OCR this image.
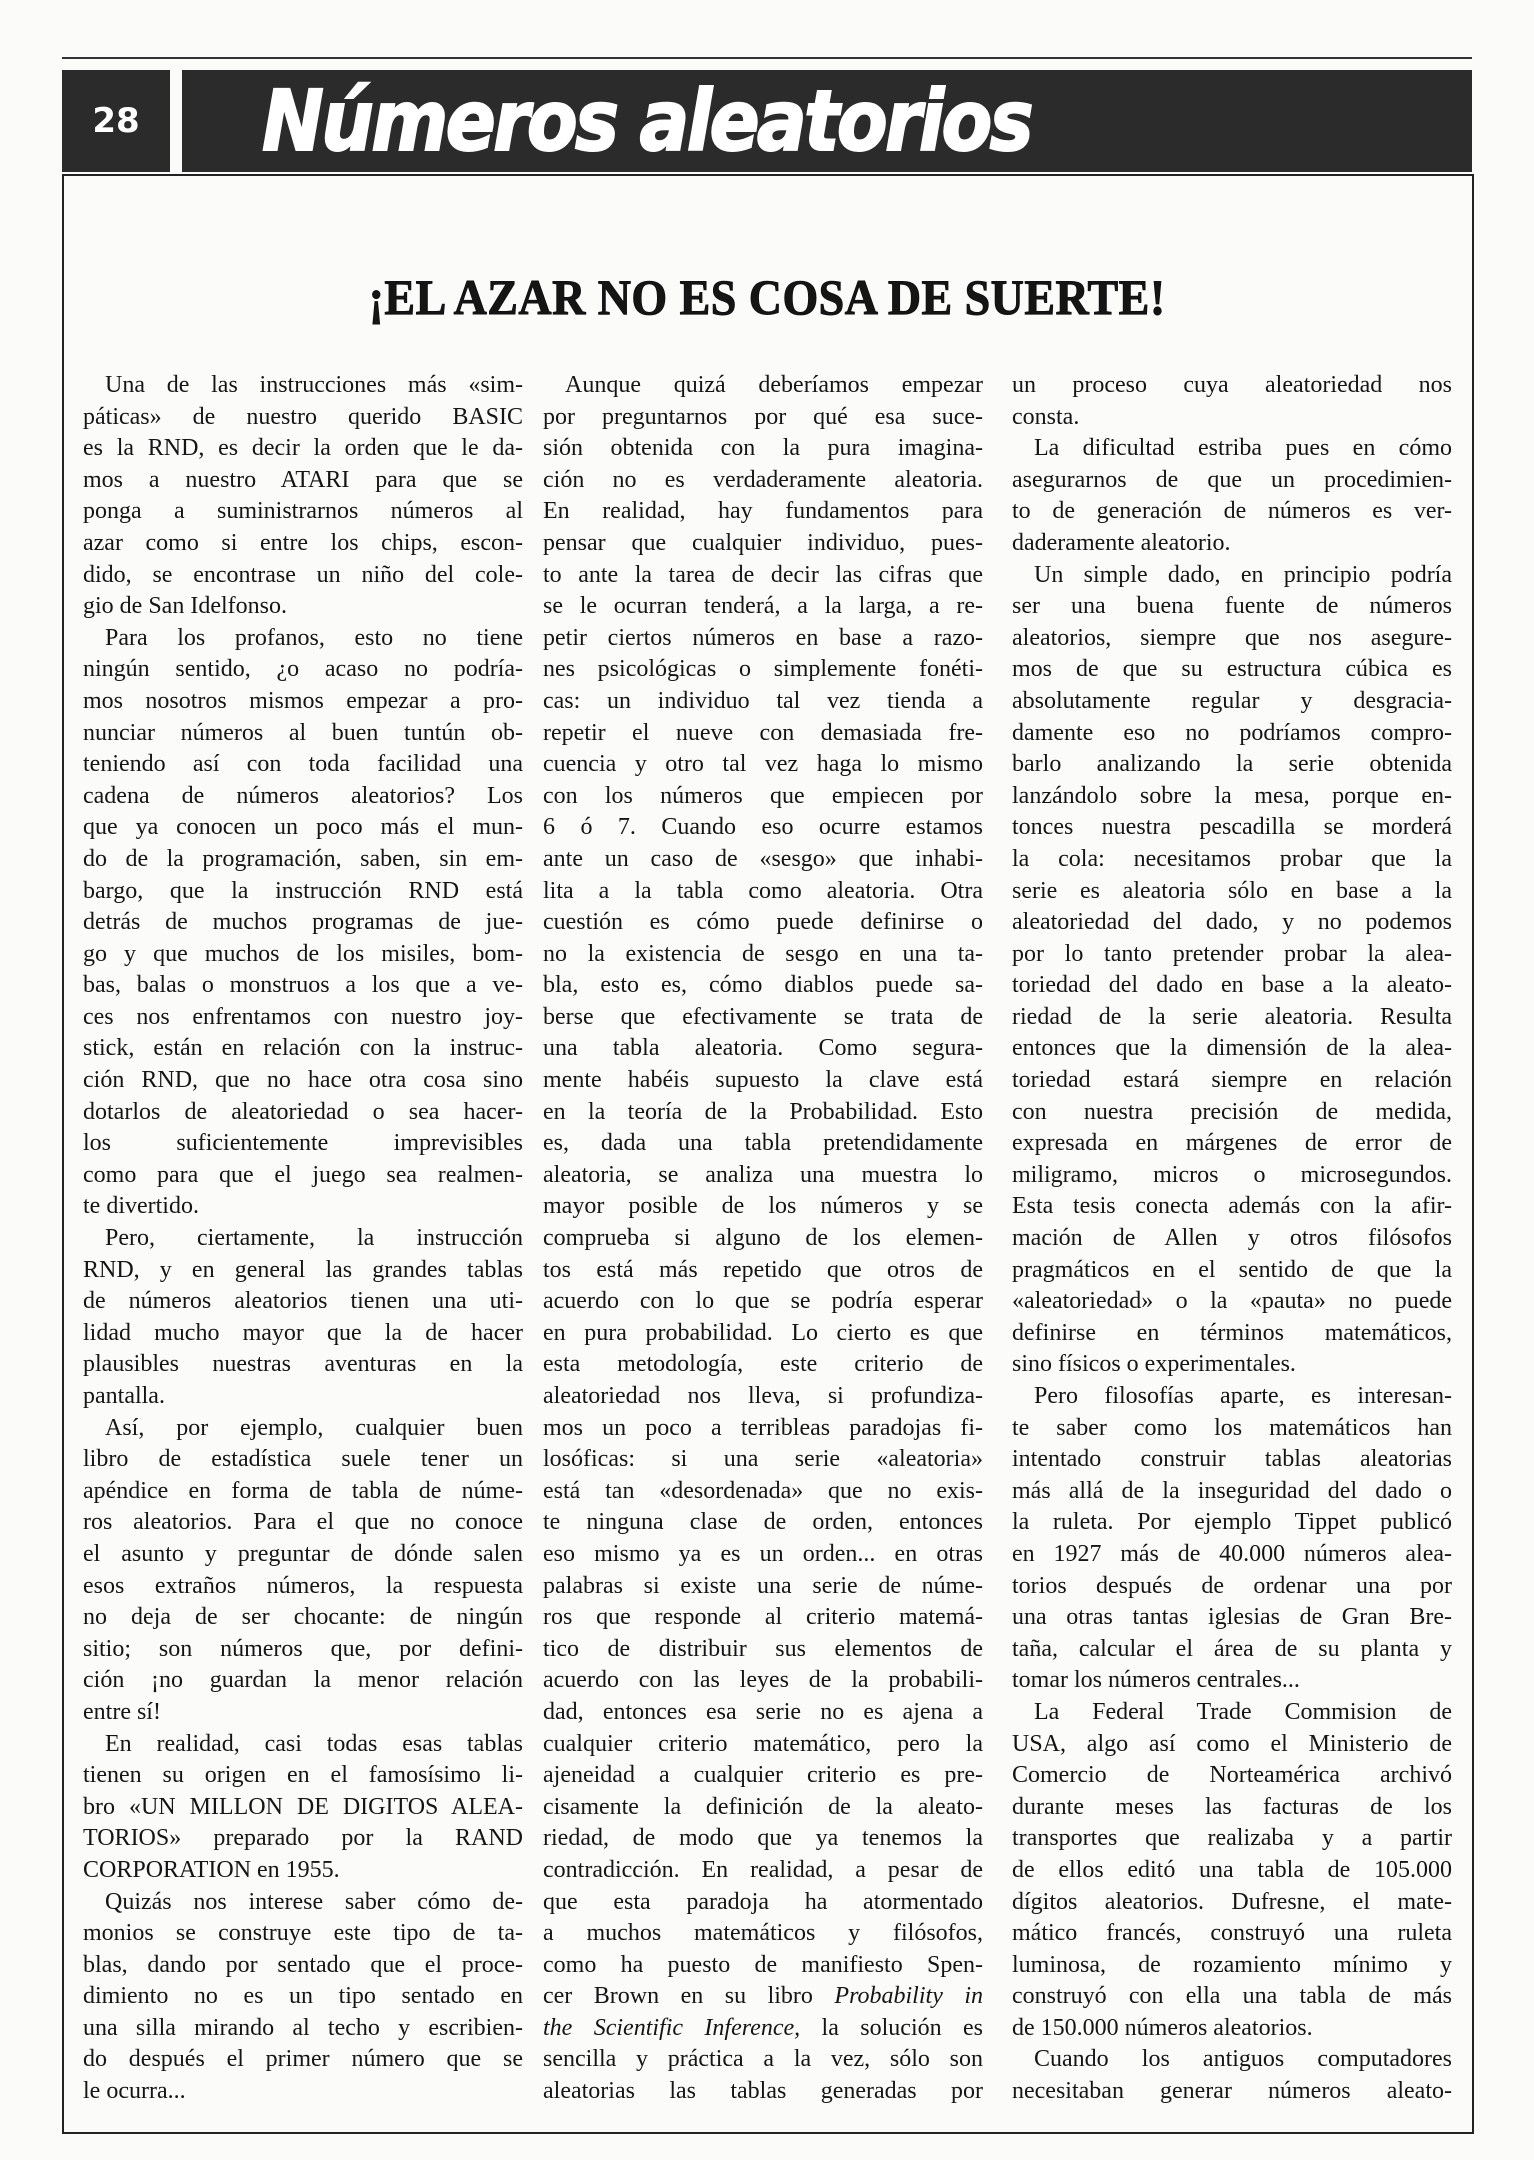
28 Números aleatorios
¡EL AZAR NO ES COSA DE SUERTE!
Una de las instrucciones más «sim-
páticas» de nuestro querido BASIC
es la RND, es decir la orden que le da-
mos a nuestro ATARI para que se
ponga a suministrarnos números al
azar como si entre los chips, escon-
dido, se encontrase un niño del cole-
gio de San Idelfonso.
Para los profanos, esto no tiene
ningún sentido, ¿o acaso no podría-
mos nosotros mismos empezar a pro-
nunciar números al buen tuntún ob-
teniendo así con toda facilidad una
cadena de números aleatorios? Los
que ya conocen un poco más el mun-
do de la programación, saben, sin em-
bargo, que la instrucción RND está
detrás de muchos programas de jue-
go y que muchos de los misiles, bom-
bas, balas o monstruos a los que a ve-
ces nos enfrentamos con nuestro joy-
stick, están en relación con la instruc-
ción RND, que no hace otra cosa sino
dotarlos de aleatoriedad o sea hacer-
los suficientemente imprevisibles
como para que el juego sea realmen-
te divertido.
Pero, ciertamente, la instrucción
RND, y en general las grandes tablas
de números aleatorios tienen una uti-
lidad mucho mayor que la de hacer
plausibles nuestras aventuras en la
pantalla.
Así, por ejemplo, cualquier buen
libro de estadística suele tener un
apéndice en forma de tabla de núme-
ros aleatorios. Para el que no conoce
el asunto y preguntar de dónde salen
esos extraños números, la respuesta
no deja de ser chocante: de ningún
sitio; son números que, por defini-
ción ¡no guardan la menor relación
entre sí!
En realidad, casi todas esas tablas
tienen su origen en el famosísimo li-
bro «UN MILLON DE DIGITOS ALEA-
TORIOS» preparado por la RAND
CORPORATION en 1955.
Quizás nos interese saber cómo de-
monios se construye este tipo de ta-
blas, dando por sentado que el proce-
dimiento no es un tipo sentado en
una silla mirando al techo y escribien-
do después el primer número que se
le ocurra...
Aunque quizá deberíamos empezar
por preguntarnos por qué esa suce-
sión obtenida con la pura imagina-
ción no es verdaderamente aleatoria.
En realidad, hay fundamentos para
pensar que cualquier individuo, pues-
to ante la tarea de decir las cifras que
se le ocurran tenderá, a la larga, a re-
petir ciertos números en base a razo-
nes psicológicas o simplemente fonéti-
cas: un individuo tal vez tienda a
repetir el nueve con demasiada fre-
cuencia y otro tal vez haga lo mismo
con los números que empiecen por
6 ó 7. Cuando eso ocurre estamos
ante un caso de «sesgo» que inhabi-
lita a la tabla como aleatoria. Otra
cuestión es cómo puede definirse o
no la existencia de sesgo en una ta-
bla, esto es, cómo diablos puede sa-
berse que efectivamente se trata de
una tabla aleatoria. Como segura-
mente habéis supuesto la clave está
en la teoría de la Probabilidad. Esto
es, dada una tabla pretendidamente
aleatoria, se analiza una muestra lo
mayor posible de los números y se
comprueba si alguno de los elemen-
tos está más repetido que otros de
acuerdo con lo que se podría esperar
en pura probabilidad. Lo cierto es que
esta metodología, este criterio de
aleatoriedad nos lleva, si profundiza-
mos un poco a terribleas paradojas fi-
losóficas: si una serie «aleatoria»
está tan «desordenada» que no exis-
te ninguna clase de orden, entonces
eso mismo ya es un orden... en otras
palabras si existe una serie de núme-
ros que responde al criterio matemá-
tico de distribuir sus elementos de
acuerdo con las leyes de la probabili-
dad, entonces esa serie no es ajena a
cualquier criterio matemático, pero la
ajeneidad a cualquier criterio es pre-
cisamente la definición de la aleato-
riedad, de modo que ya tenemos la
contradicción. En realidad, a pesar de
que esta paradoja ha atormentado
a muchos matemáticos y filósofos,
como ha puesto de manifiesto Spen-
cer Brown en su libro Probability in
the Scientific Inference, la solución es
sencilla y práctica a la vez, sólo son
aleatorias las tablas generadas por
un proceso cuya aleatoriedad nos
consta.
La dificultad estriba pues en cómo
asegurarnos de que un procedimien-
to de generación de números es ver-
daderamente aleatorio.
Un simple dado, en principio podría
ser una buena fuente de números
aleatorios, siempre que nos asegure-
mos de que su estructura cúbica es
absolutamente regular y desgracia-
damente eso no podríamos compro-
barlo analizando la serie obtenida
lanzándolo sobre la mesa, porque en-
tonces nuestra pescadilla se morderá
la cola: necesitamos probar que la
serie es aleatoria sólo en base a la
aleatoriedad del dado, y no podemos
por lo tanto pretender probar la alea-
toriedad del dado en base a la aleato-
riedad de la serie aleatoria. Resulta
entonces que la dimensión de la alea-
toriedad estará siempre en relación
con nuestra precisión de medida,
expresada en márgenes de error de
miligramo, micros o microsegundos.
Esta tesis conecta además con la afir-
mación de Allen y otros filósofos
pragmáticos en el sentido de que la
«aleatoriedad» o la «pauta» no puede
definirse en términos matemáticos,
sino físicos o experimentales.
Pero filosofías aparte, es interesan-
te saber como los matemáticos han
intentado construir tablas aleatorias
más allá de la inseguridad del dado o
la ruleta. Por ejemplo Tippet publicó
en 1927 más de 40.000 números alea-
torios después de ordenar una por
una otras tantas iglesias de Gran Bre-
taña, calcular el área de su planta y
tomar los números centrales...
La Federal Trade Commision de
USA, algo así como el Ministerio de
Comercio de Norteamérica archivó
durante meses las facturas de los
transportes que realizaba y a partir
de ellos editó una tabla de 105.000
dígitos aleatorios. Dufresne, el mate-
mático francés, construyó una ruleta
luminosa, de rozamiento mínimo y
construyó con ella una tabla de más
de 150.000 números aleatorios.
Cuando los antiguos computadores
necesitaban generar números aleato-
